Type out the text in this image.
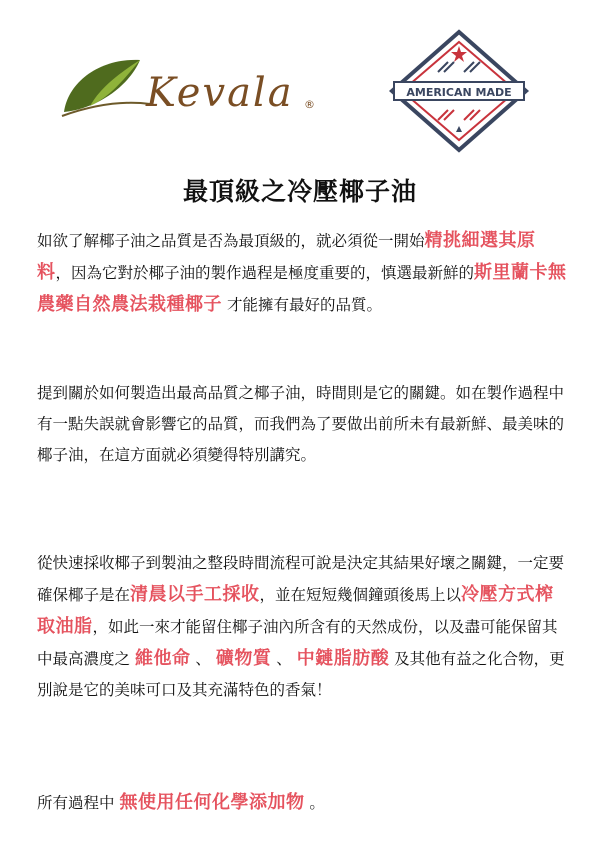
Kevala ®
AMERICAN MADE
最頂級之冷壓椰子油

如欲了解椰子油之品質是否為最頂級的，就必須從一開始精挑細選其原料，因為它對於椰子油的製作過程是極度重要的，慎選最新鮮的斯里蘭卡無農藥自然農法栽種椰子 才能擁有最好的品質。

提到關於如何製造出最高品質之椰子油，時間則是它的關鍵。如在製作過程中有一點失誤就會影響它的品質，而我們為了要做出前所未有最新鮮、最美味的椰子油，在這方面就必須變得特別講究。

從快速採收椰子到製油之整段時間流程可說是決定其結果好壞之關鍵，一定要確保椰子是在清晨以手工採收，並在短短幾個鐘頭後馬上以冷壓方式榨取油脂，如此一來才能留住椰子油內所含有的天然成份，以及盡可能保留其中最高濃度之 維他命 、 礦物質 、 中鏈脂肪酸 及其他有益之化合物，更別說是它的美味可口及其充滿特色的香氣！

所有過程中 無使用任何化學添加物 。
